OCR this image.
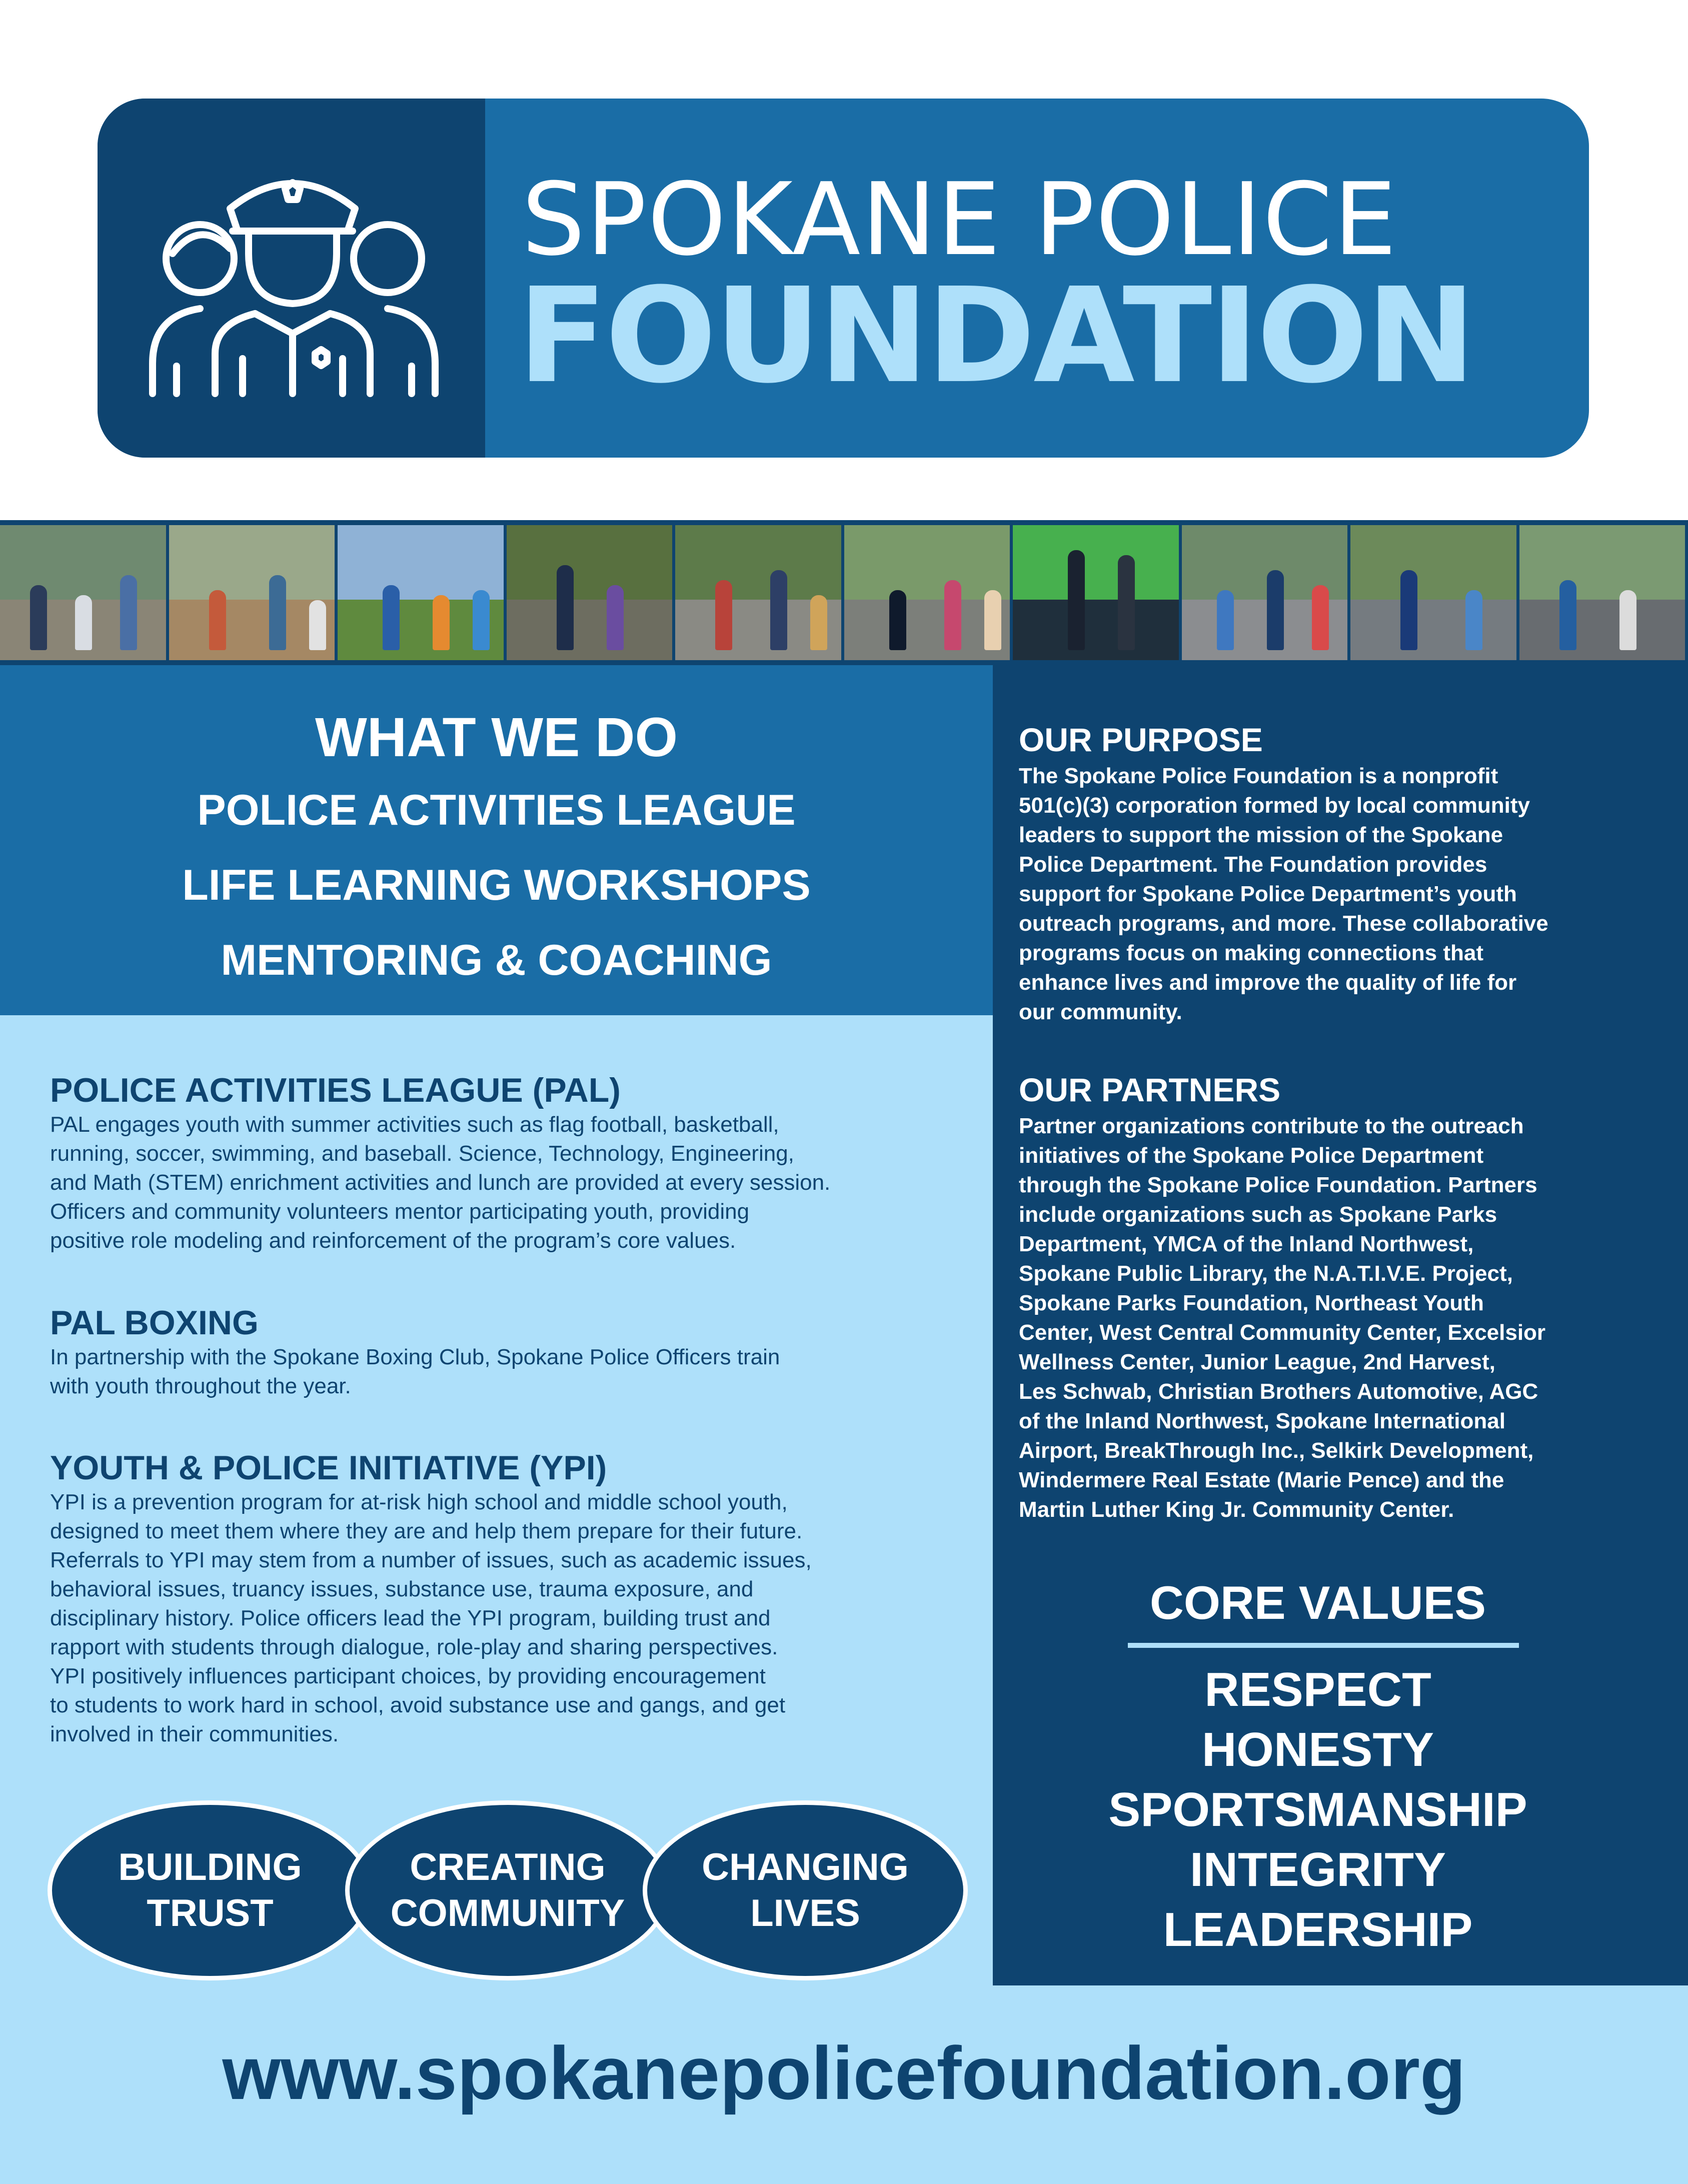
SPOKANE POLICE
FOUNDATION
WHAT WE DO
POLICE ACTIVITIES LEAGUE
LIFE LEARNING WORKSHOPS
MENTORING & COACHING
POLICE ACTIVITIES LEAGUE (PAL)
PAL engages youth with summer activities such as flag football, basketball,
running, soccer, swimming, and baseball. Science, Technology, Engineering,
and Math (STEM) enrichment activities and lunch are provided at every session.
Officers and community volunteers mentor participating youth, providing
positive role modeling and reinforcement of the program’s core values.
PAL BOXING
In partnership with the Spokane Boxing Club, Spokane Police Officers train
with youth throughout the year.
YOUTH & POLICE INITIATIVE (YPI)
YPI is a prevention program for at-risk high school and middle school youth,
designed to meet them where they are and help them prepare for their future.
Referrals to YPI may stem from a number of issues, such as academic issues,
behavioral issues, truancy issues, substance use, trauma exposure, and
disciplinary history. Police officers lead the YPI program, building trust and
rapport with students through dialogue, role-play and sharing perspectives.
YPI positively influences participant choices, by providing encouragement
to students to work hard in school, avoid substance use and gangs, and get
involved in their communities.
OUR PURPOSE
The Spokane Police Foundation is a nonprofit
501(c)(3) corporation formed by local community
leaders to support the mission of the Spokane
Police Department. The Foundation provides
support for Spokane Police Department’s youth
outreach programs, and more. These collaborative
programs focus on making connections that
enhance lives and improve the quality of life for
our community.
OUR PARTNERS
Partner organizations contribute to the outreach
initiatives of the Spokane Police Department
through the Spokane Police Foundation. Partners
include organizations such as Spokane Parks
Department, YMCA of the Inland Northwest,
Spokane Public Library, the N.A.T.I.V.E. Project,
Spokane Parks Foundation, Northeast Youth
Center, West Central Community Center, Excelsior
Wellness Center, Junior League, 2nd Harvest,
Les Schwab, Christian Brothers Automotive, AGC
of the Inland Northwest, Spokane International
Airport, BreakThrough Inc., Selkirk Development,
Windermere Real Estate (Marie Pence) and the
Martin Luther King Jr. Community Center.
CORE VALUES
RESPECT
HONESTY
SPORTSMANSHIP
INTEGRITY
LEADERSHIP
BUILDING
TRUST
CREATING
COMMUNITY
CHANGING
LIVES
www.spokanepolicefoundation.org
